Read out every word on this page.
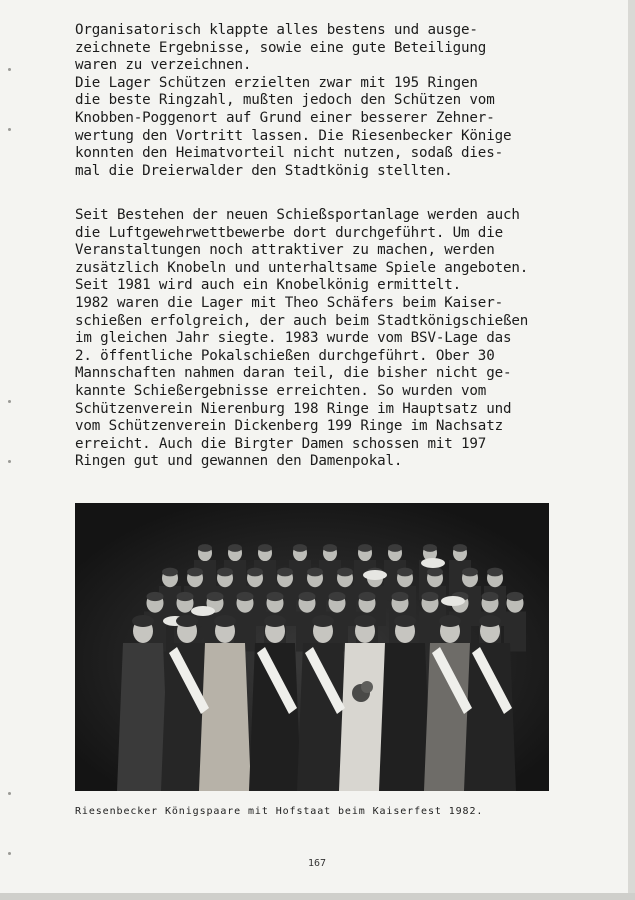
Organisatorisch klappte alles bestens und ausge-
zeichnete Ergebnisse, sowie eine gute Beteiligung
waren zu verzeichnen.
Die Lager Schützen erzielten zwar mit 195 Ringen
die beste Ringzahl, mußten jedoch den Schützen vom
Knobben-Poggenort auf Grund einer besserer Zehner-
wertung den Vortritt lassen. Die Riesenbecker Könige
konnten den Heimatvorteil nicht nutzen, sodaß dies-
mal die Dreierwalder den Stadtkönig stellten.
Seit Bestehen der neuen Schießsportanlage werden auch
die Luftgewehrwettbewerbe dort durchgeführt. Um die
Veranstaltungen noch attraktiver zu machen, werden
zusätzlich Knobeln und unterhaltsame Spiele angeboten.
Seit 1981 wird auch ein Knobelkönig ermittelt.
1982 waren die Lager mit Theo Schäfers beim Kaiser-
schießen erfolgreich, der auch beim Stadtkönigschießen
im gleichen Jahr siegte. 1983 wurde vom BSV-Lage das
2. öffentliche Pokalschießen durchgeführt. Ober 30
Mannschaften nahmen daran teil, die bisher nicht ge-
kannte Schießergebnisse erreichten. So wurden vom
Schützenverein Nierenburg 198 Ringe im Hauptsatz und
vom Schützenverein Dickenberg 199 Ringe im Nachsatz
erreicht. Auch die Birgter Damen schossen mit 197
Ringen gut und gewannen den Damenpokal.
Riesenbecker Königspaare mit Hofstaat beim Kaiserfest 1982.
167
